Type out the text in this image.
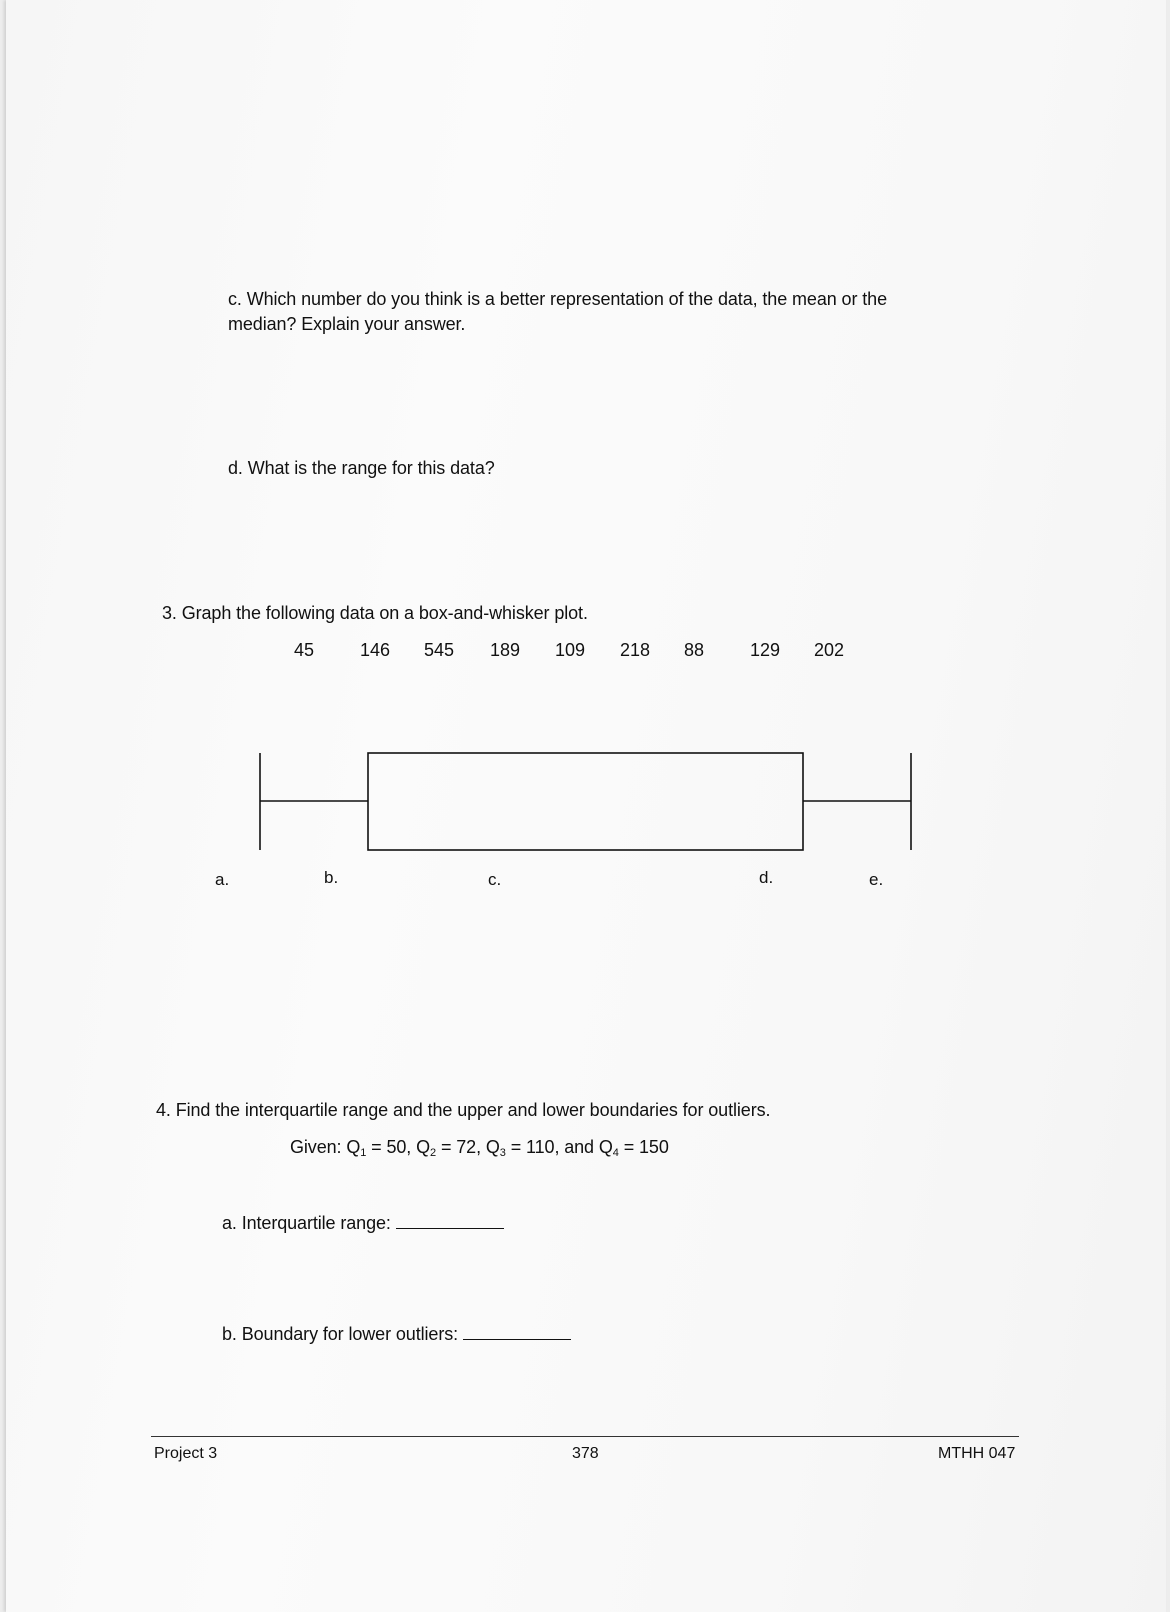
c. Which number do you think is a better representation of the data, the mean or the
median? Explain your answer.
d. What is the range for this data?
3. Graph the following data on a box-and-whisker plot.
45	146 545 189 109 218 88	129 202
a.	b.	c.	d.	e.
4. Find the interquartile range and the upper and lower boundaries for outliers.
Given: $Q_1 = 50$, $Q_2 = 72$, $Q_3 = 110$, and $Q_4 = 150$
a. Interquartile range:
b. Boundary for lower outliers:
Project 3	378	MTHH 047
